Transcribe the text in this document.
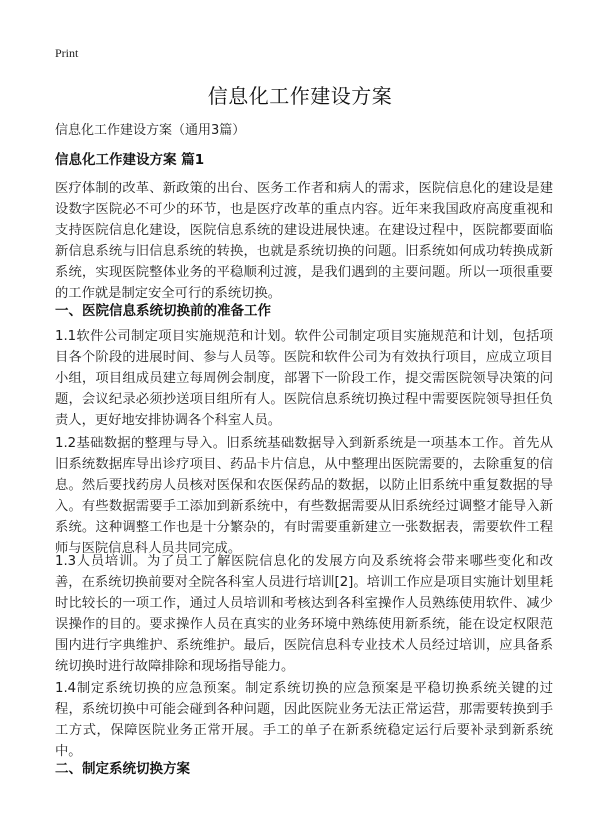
Print
信息化工作建设方案
信息化工作建设方案（通用3篇）
信息化工作建设方案 篇1

医疗体制的改革、新政策的出台、医务工作者和病人的需求，医院信息化的建设是建设数字医院必不可少的环节，也是医疗改革的重点内容。近年来我国政府高度重视和支持医院信息化建设，医院信息系统的建设进展快速。在建设过程中，医院都要面临新信息系统与旧信息系统的转换，也就是系统切换的问题。旧系统如何成功转换成新系统，实现医院整体业务的平稳顺利过渡，是我们遇到的主要问题。所以一项很重要的工作就是制定安全可行的系统切换。

一、医院信息系统切换前的准备工作

1.1软件公司制定项目实施规范和计划。软件公司制定项目实施规范和计划，包括项目各个阶段的进展时间、参与人员等。医院和软件公司为有效执行项目，应成立项目小组，项目组成员建立每周例会制度，部署下一阶段工作，提交需医院领导决策的问题，会议纪录必须抄送项目组所有人。医院信息系统切换过程中需要医院领导担任负责人，更好地安排协调各个科室人员。

1.2基础数据的整理与导入。旧系统基础数据导入到新系统是一项基本工作。首先从旧系统数据库导出诊疗项目、药品卡片信息，从中整理出医院需要的，去除重复的信息。然后要找药房人员核对医保和农医保药品的数据，以防止旧系统中重复数据的导入。有些数据需要手工添加到新系统中，有些数据需要从旧系统经过调整才能导入新系统。这种调整工作也是十分繁杂的，有时需要重新建立一张数据表，需要软件工程师与医院信息科人员共同完成。

1.3人员培训。为了员工了解医院信息化的发展方向及系统将会带来哪些变化和改善，在系统切换前要对全院各科室人员进行培训[2]。培训工作应是项目实施计划里耗时比较长的一项工作，通过人员培训和考核达到各科室操作人员熟练使用软件、减少误操作的目的。要求操作人员在真实的业务环境中熟练使用新系统，能在设定权限范围内进行字典维护、系统维护。最后，医院信息科专业技术人员经过培训，应具备系统切换时进行故障排除和现场指导能力。

1.4制定系统切换的应急预案。制定系统切换的应急预案是平稳切换系统关键的过程，系统切换中可能会碰到各种问题，因此医院业务无法正常运营，那需要转换到手工方式，保障医院业务正常开展。手工的单子在新系统稳定运行后要补录到新系统中。

二、制定系统切换方案
